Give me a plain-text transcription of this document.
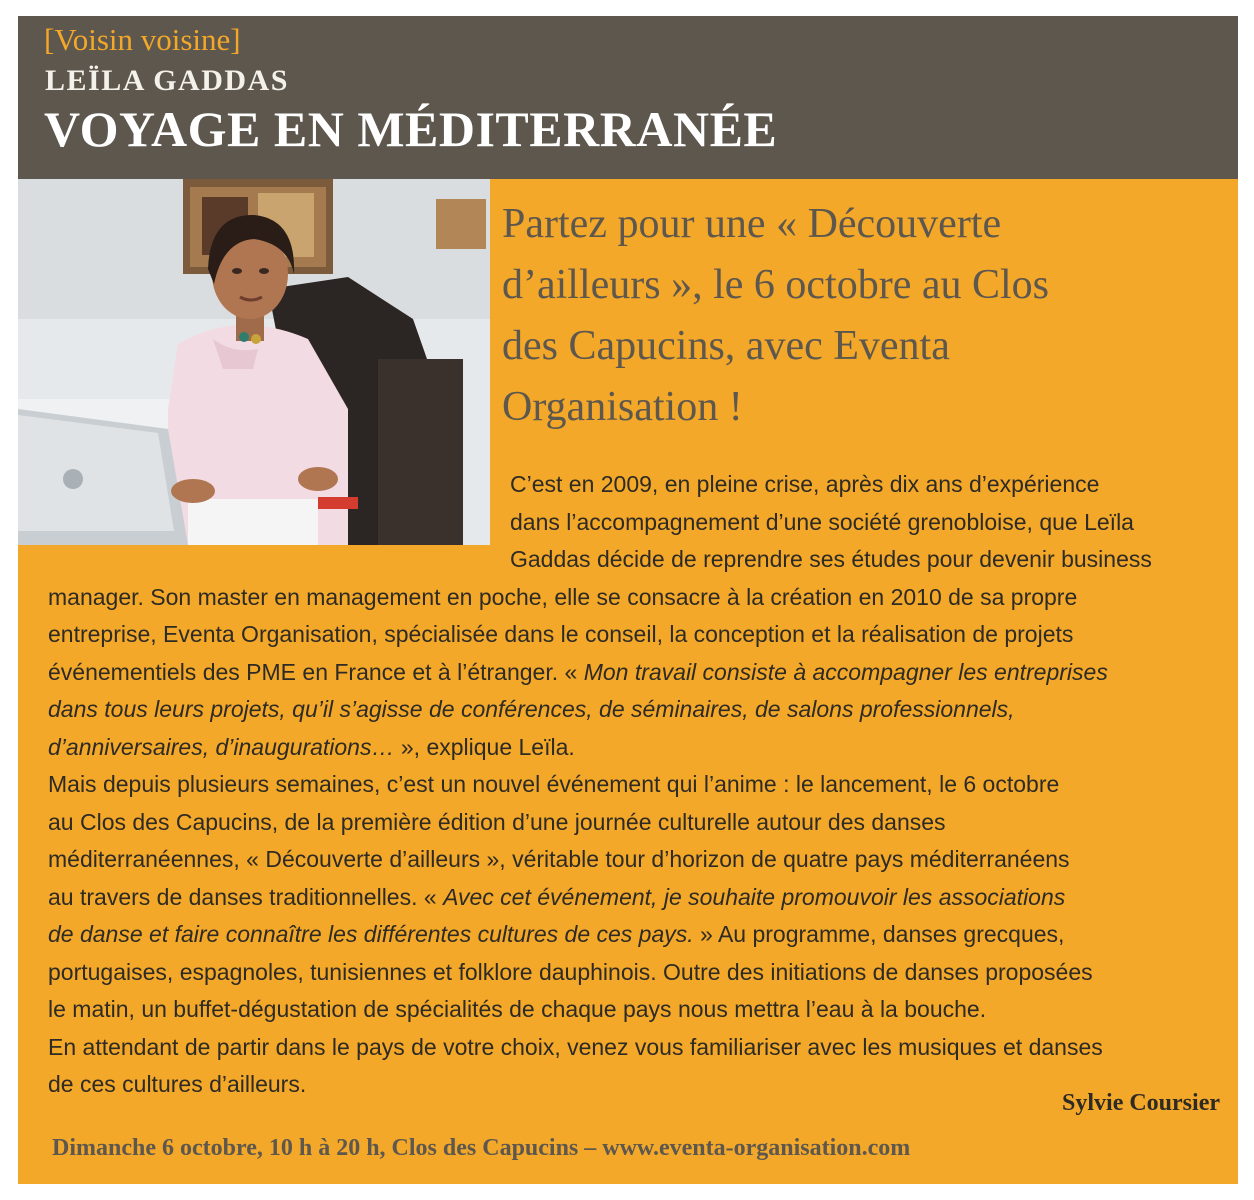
[Voisin voisine]
LEÏLA GADDAS
VOYAGE EN MÉDITERRANÉE
Partez pour une « Découverte
d’ailleurs », le 6 octobre au Clos
des Capucins, avec Eventa
Organisation !
C’est en 2009, en pleine crise, après dix ans d’expérience
dans l’accompagnement d’une société grenobloise, que Leïla
Gaddas décide de reprendre ses études pour devenir business
manager. Son master en management en poche, elle se consacre à la création en 2010 de sa propre
entreprise, Eventa Organisation, spécialisée dans le conseil, la conception et la réalisation de projets
événementiels des PME en France et à l’étranger. « Mon travail consiste à accompagner les entreprises
dans tous leurs projets, qu’il s’agisse de conférences, de séminaires, de salons professionnels,
d’anniversaires, d’inaugurations… », explique Leïla.
Mais depuis plusieurs semaines, c’est un nouvel événement qui l’anime : le lancement, le 6 octobre
au Clos des Capucins, de la première édition d’une journée culturelle autour des danses
méditerranéennes, « Découverte d’ailleurs », véritable tour d’horizon de quatre pays méditerranéens
au travers de danses traditionnelles. « Avec cet événement, je souhaite promouvoir les associations
de danse et faire connaître les différentes cultures de ces pays. » Au programme, danses grecques,
portugaises, espagnoles, tunisiennes et folklore dauphinois. Outre des initiations de danses proposées
le matin, un buffet-dégustation de spécialités de chaque pays nous mettra l’eau à la bouche.
En attendant de partir dans le pays de votre choix, venez vous familiariser avec les musiques et danses
de ces cultures d’ailleurs.
Sylvie Coursier
Dimanche 6 octobre, 10 h à 20 h, Clos des Capucins – www.eventa-organisation.com
